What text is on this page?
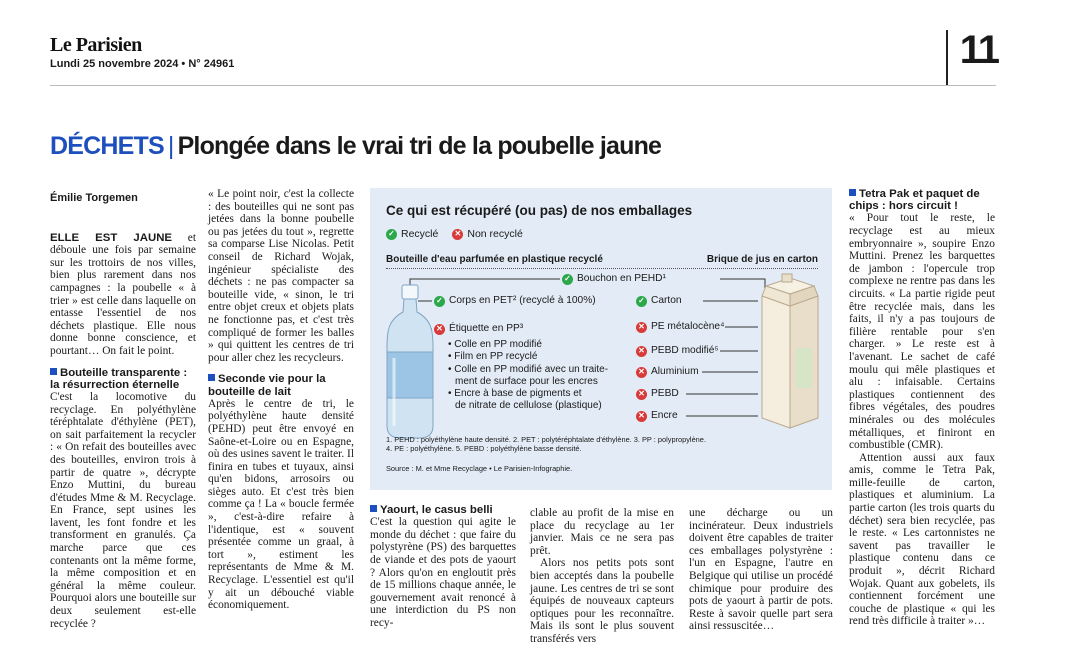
Le Parisien
Lundi 25 novembre 2024 • N° 24961	11
DÉCHETS | Plongée dans le vrai tri de la poubelle jaune
Émilie Torgemen

ELLE EST JAUNE et déboule une fois par semaine sur les trottoirs de nos villes, bien plus rarement dans nos campagnes : la poubelle « à trier » est celle dans laquelle on entasse l'essentiel de nos déchets plastique. Elle nous donne bonne conscience, et pourtant… On fait le point.

Bouteille transparente : la résurrection éternelle

C'est la locomotive du recyclage. En polyéthylène téréphtalate d'éthylène (PET), on sait parfaitement la recycler : « On refait des bouteilles avec des bouteilles, environ trois à partir de quatre », décrypte Enzo Muttini, du bureau d'études Mme & M. Recyclage. En France, sept usines les lavent, les font fondre et les transforment en granulés. Ça marche parce que ces contenants ont la même forme, la même composition et en général la même couleur. Pourquoi alors une bouteille sur deux seulement est-elle recyclée ?

« Le point noir, c'est la collecte : des bouteilles qui ne sont pas jetées dans la bonne poubelle ou pas jetées du tout », regrette sa comparse Lise Nicolas. Petit conseil de Richard Wojak, ingénieur spécialiste des déchets : ne pas compacter sa bouteille vide, « sinon, le tri entre objet creux et objets plats ne fonctionne pas, et c'est très compliqué de former les balles » qui quittent les centres de tri pour aller chez les recycleurs.

Seconde vie pour la bouteille de lait

Après le centre de tri, le polyéthylène haute densité (PEHD) peut être envoyé en Saône-et-Loire ou en Espagne, où des usines savent le traiter. Il finira en tubes et tuyaux, ainsi qu'en bidons, arrosoirs ou sièges auto. Et c'est très bien comme ça ! La « boucle fermée », c'est-à-dire refaire à l'identique, est « souvent présentée comme un graal, à tort », estiment les représentants de Mme & M. Recyclage. L'essentiel est qu'il y ait un débouché viable économiquement.

Ce qui est récupéré (ou pas) de nos emballages
✓ Recyclé ✕ Non recyclé
Bouteille d'eau parfumée en plastique recyclé	Brique de jus en carton
✓ Bouchon en PEHD¹
✓ Corps en PET² (recyclé à 100%)
✕ Étiquette en PP³
• Colle en PP modifié
• Film en PP recyclé
• Colle en PP modifié avec un traite-
ment de surface pour les encres
• Encre à base de pigments et
de nitrate de cellulose (plastique)
✓ Carton
✕ PE métalocène⁴
✕ PEBD modifié⁵
✕ Aluminium
✕ PEBD
✕ Encre
1. PEHD : polyéthylène haute densité. 2. PET : polytéréphtalate d'éthylène. 3. PP : polypropylène.
4. PE : polyéthylène. 5. PEBD : polyéthylène basse densité.
Source : M. et Mme Recyclage • Le Parisien-Infographie.
Yaourt, le casus belli

C'est la question qui agite le monde du déchet : que faire du polystyrène (PS) des barquettes de viande et des pots de yaourt ? Alors qu'on en engloutit près de 15 millions chaque année, le gouvernement avait renoncé à une interdiction du PS non recy-

clable au profit de la mise en place du recyclage au 1er janvier. Mais ce ne sera pas prêt.

Alors nos petits pots sont bien acceptés dans la poubelle jaune. Les centres de tri se sont équipés de nouveaux capteurs optiques pour les reconnaître. Mais ils sont le plus souvent transférés vers

une décharge ou un incinérateur. Deux industriels doivent être capables de traiter ces emballages polystyrène : l'un en Espagne, l'autre en Belgique qui utilise un procédé chimique pour produire des pots de yaourt à partir de pots. Reste à savoir quelle part sera ainsi ressuscitée…

Tetra Pak et paquet de chips : hors circuit !

« Pour tout le reste, le recyclage est au mieux embryonnaire », soupire Enzo Muttini. Prenez les barquettes de jambon : l'opercule trop complexe ne rentre pas dans les circuits. « La partie rigide peut être recyclée mais, dans les faits, il n'y a pas toujours de filière rentable pour s'en charger. » Le reste est à l'avenant. Le sachet de café moulu qui mêle plastiques et alu : infaisable. Certains plastiques contiennent des fibres végétales, des poudres minérales ou des molécules métalliques, et finiront en combustible (CMR).

Attention aussi aux faux amis, comme le Tetra Pak, mille-feuille de carton, plastiques et aluminium. La partie carton (les trois quarts du déchet) sera bien recyclée, pas le reste. « Les cartonnistes ne savent pas travailler le plastique contenu dans ce produit », décrit Richard Wojak. Quant aux gobelets, ils contiennent forcément une couche de plastique « qui les rend très difficile à traiter »…
